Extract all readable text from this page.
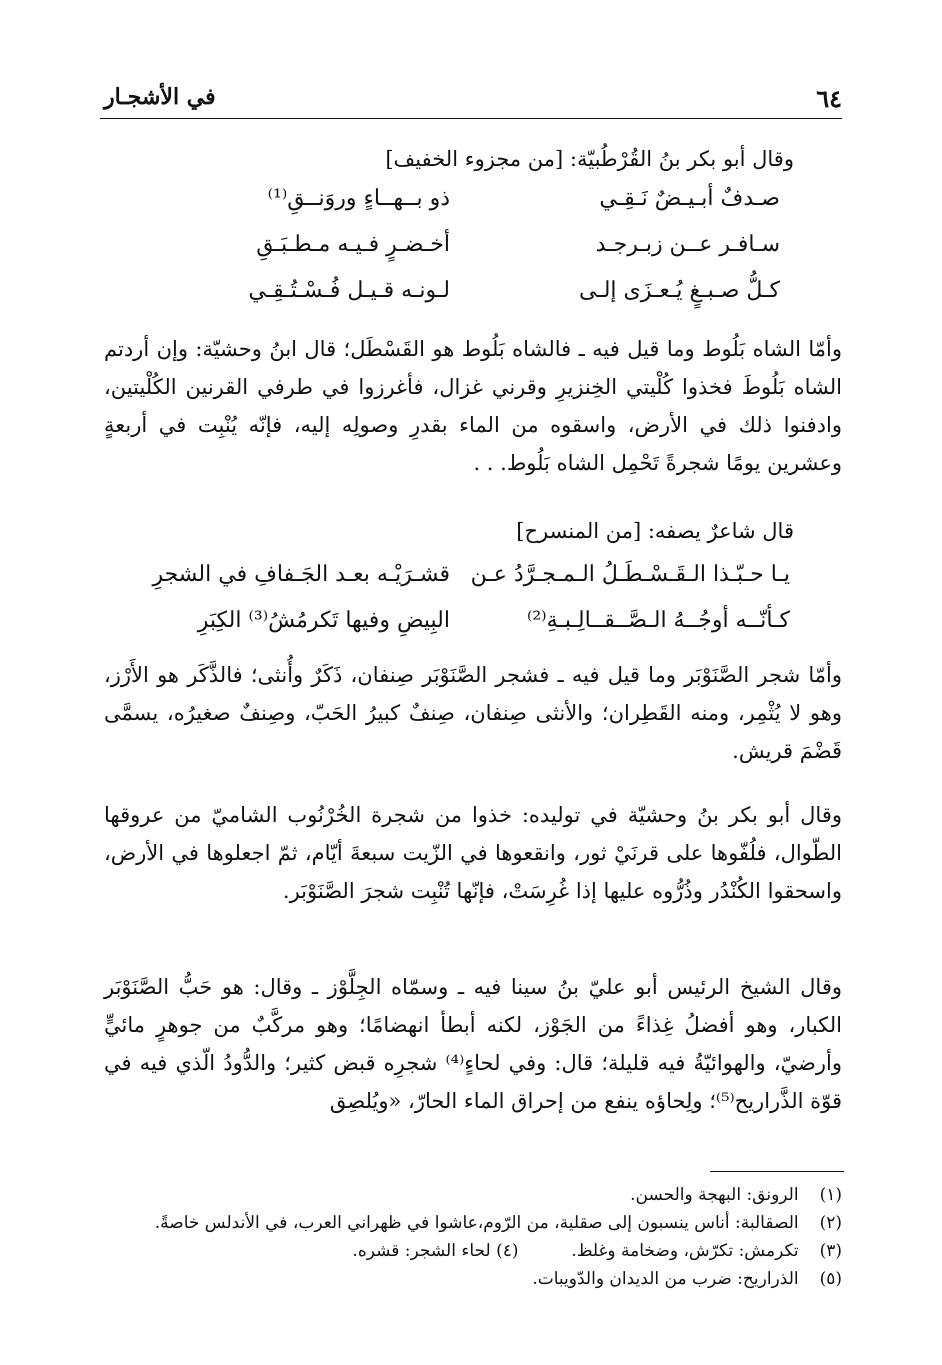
٦٤
في الأشجـار

وقال أبو بكر بنُ القُرْطُبيّة: [من مجزوء الخفيف]

صـدفٌ أبـيـضٌ نَـقِـي
ذو بــهــاءٍ وروَنــقِ⁽¹⁾
سـافـر عــن زبـرجـد
أخـضـرٍ فـيـه مـطـبَـقِ
كـلُّ صـبـغٍ يُـعـزَى إلـى
لـونـه قـيـل فُـسْـتُـقِـي

وأمّا الشاه بَلُوط وما قيل فيه ـ فالشاه بَلُوط هو القَسْطَل؛ قال ابنُ وحشيّة: وإن أردتم الشاه بَلُوطَ فخذوا كُلْيتي الخِنزيرِ وقرني غزال، فأغرزوا في طرفي القرنين الكُلْيتين، وادفنوا ذلك في الأرض، واسقوه من الماء بقدرِ وصولِه إليه، فإنّه يُنْبِت في أربعةٍ وعشرين يومًا شجرةً تَحْمِل الشاه بَلُوط. . .

قال شاعرٌ يصفه: [من المنسرح]

يـا حـبّـذا الـقَـسْـطَـلُ الـمـجـرَّدُ عـن
قشـرَيْـه بعـد الجَـفافِ في الشجرِ
كـأنّــه أوجُــهُ الـصَّــقــالِـبـةِ⁽²⁾
البِيضِ وفيها تَكرمُشُ⁽³⁾ الكِبَرِ

وأمّا شجر الصَّنَوْبَر وما قيل فيه ـ فشجر الصَّنَوْبَر صِنفان، ذَكَرٌ وأُنثى؛ فالذَّكَر هو الأَرْز، وهو لا يُثْمِر، ومنه القَطِران؛ والأنثى صِنفان، صِنفٌ كبيرُ الحَبّ، وصِنفٌ صغيرُه، يسمَّى قَضْمَ قريش.

وقال أبو بكر بنُ وحشيّة في توليده: خذوا من شجرة الخُرْنُوب الشاميّ من عروقها الطّوال، فلُفّوها على قرنَيْ ثور، وانقعوها في الزّيت سبعةَ أيّام، ثمّ اجعلوها في الأرض، واسحقوا الكُنْدُر وذُرُّوه عليها إذا غُرِسَتْ، فإنّها تُنْبِت شجرَ الصَّنَوْبَر.

وقال الشيخ الرئيس أبو عليّ بنُ سينا فيه ـ وسمّاه الجِلَّوْز ـ وقال: هو حَبُّ الصَّنَوْبَر الكبار، وهو أفضلُ غِذاءً من الجَوْز، لكنه أبطأ انهضامًا؛ وهو مركَّبٌ من جوهرٍ مائيٍّ وأرضيّ، والهوائيّةُ فيه قليلة؛ قال: وفي لحاءٍ⁽⁴⁾ شجرِه قبض كثير؛ والدُّودُ الّذي فيه في قوّة الذَّراريح⁽⁵⁾؛ ولِحاؤه ينفع من إحراق الماء الحارّ، «ويُلصِق

(١) الرونق: البهجة والحسن.
(٢) الصقالبة: أناس ينسبون إلى صقلية، من الرّوم،عاشوا في ظهراني العرب، في الأندلس خاصةً.
(٣) تكرمش: تكرّش، وضخامة وغلظ.  (٤) لحاء الشجر: قشره.
(٥) الذراريح: ضرب من الديدان والدّويبات.
